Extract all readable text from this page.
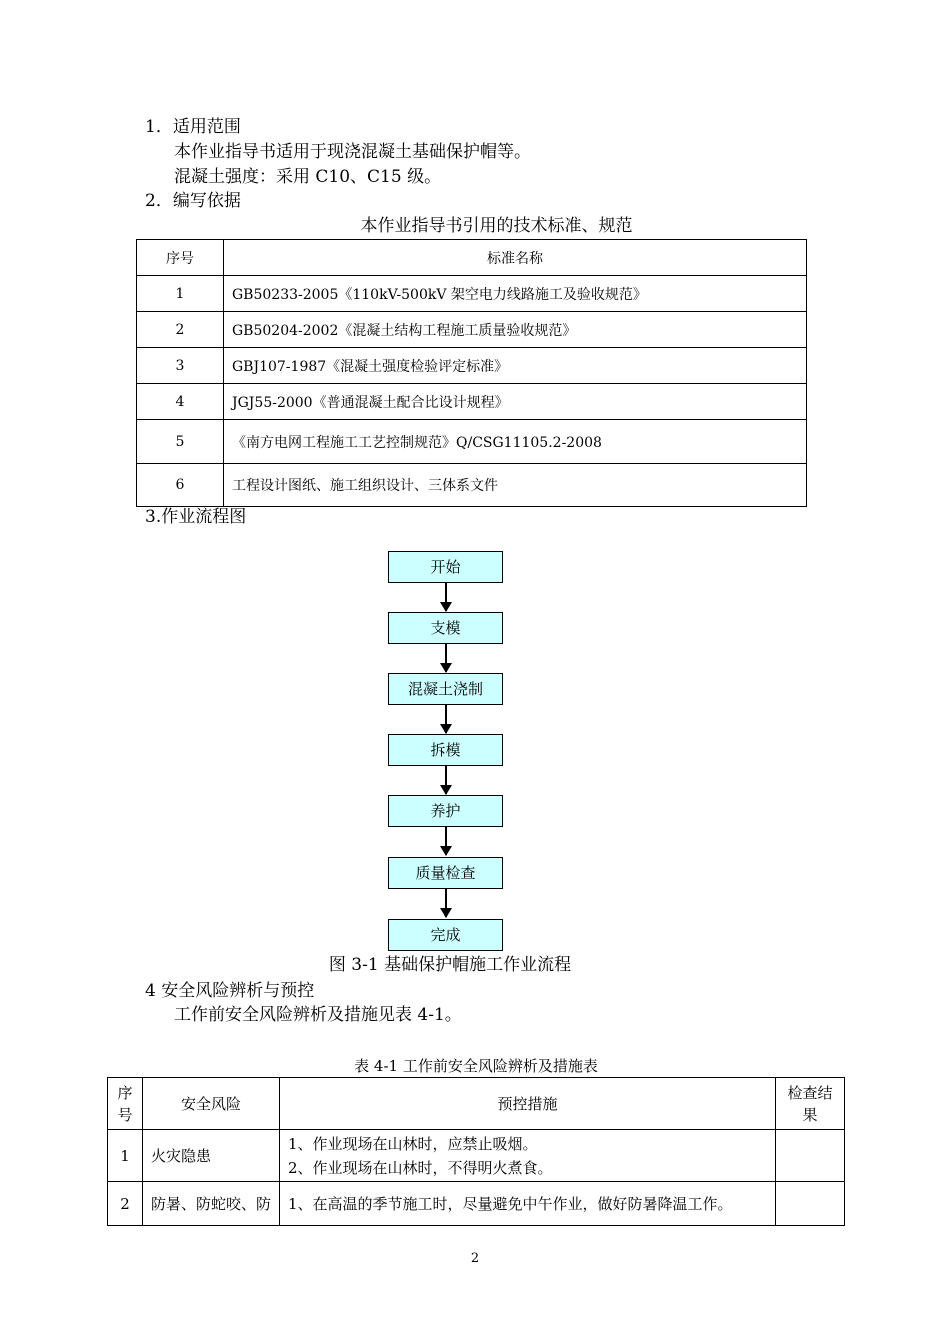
1．适用范围
本作业指导书适用于现浇混凝土基础保护帽等。
混凝土强度：采用 C10、C15 级。
2．编写依据
本作业指导书引用的技术标准、规范
序号	标准名称
1	GB50233-2005《110kV-500kV 架空电力线路施工及验收规范》
2	GB50204-2002《混凝土结构工程施工质量验收规范》
3	GBJ107-1987《混凝土强度检验评定标准》
4	JGJ55-2000《普通混凝土配合比设计规程》
5	《南方电网工程施工工艺控制规范》Q/CSG11105.2-2008
6	工程设计图纸、施工组织设计、三体系文件
3.作业流程图
开始
支模
混凝土浇制
拆模
养护
质量检查
完成
图 3-1 基础保护帽施工作业流程
4 安全风险辨析与预控
工作前安全风险辨析及措施见表 4-1。
表 4-1 工作前安全风险辨析及措施表
序
号	安全风险	预控措施	检查结
果
1	火灾隐患	1、作业现场在山林时，应禁止吸烟。
2、作业现场在山林时，不得明火煮食。	

2	防暑、防蛇咬、防	1、在高温的季节施工时，尽量避免中午作业，做好防暑降温工作。	

2
